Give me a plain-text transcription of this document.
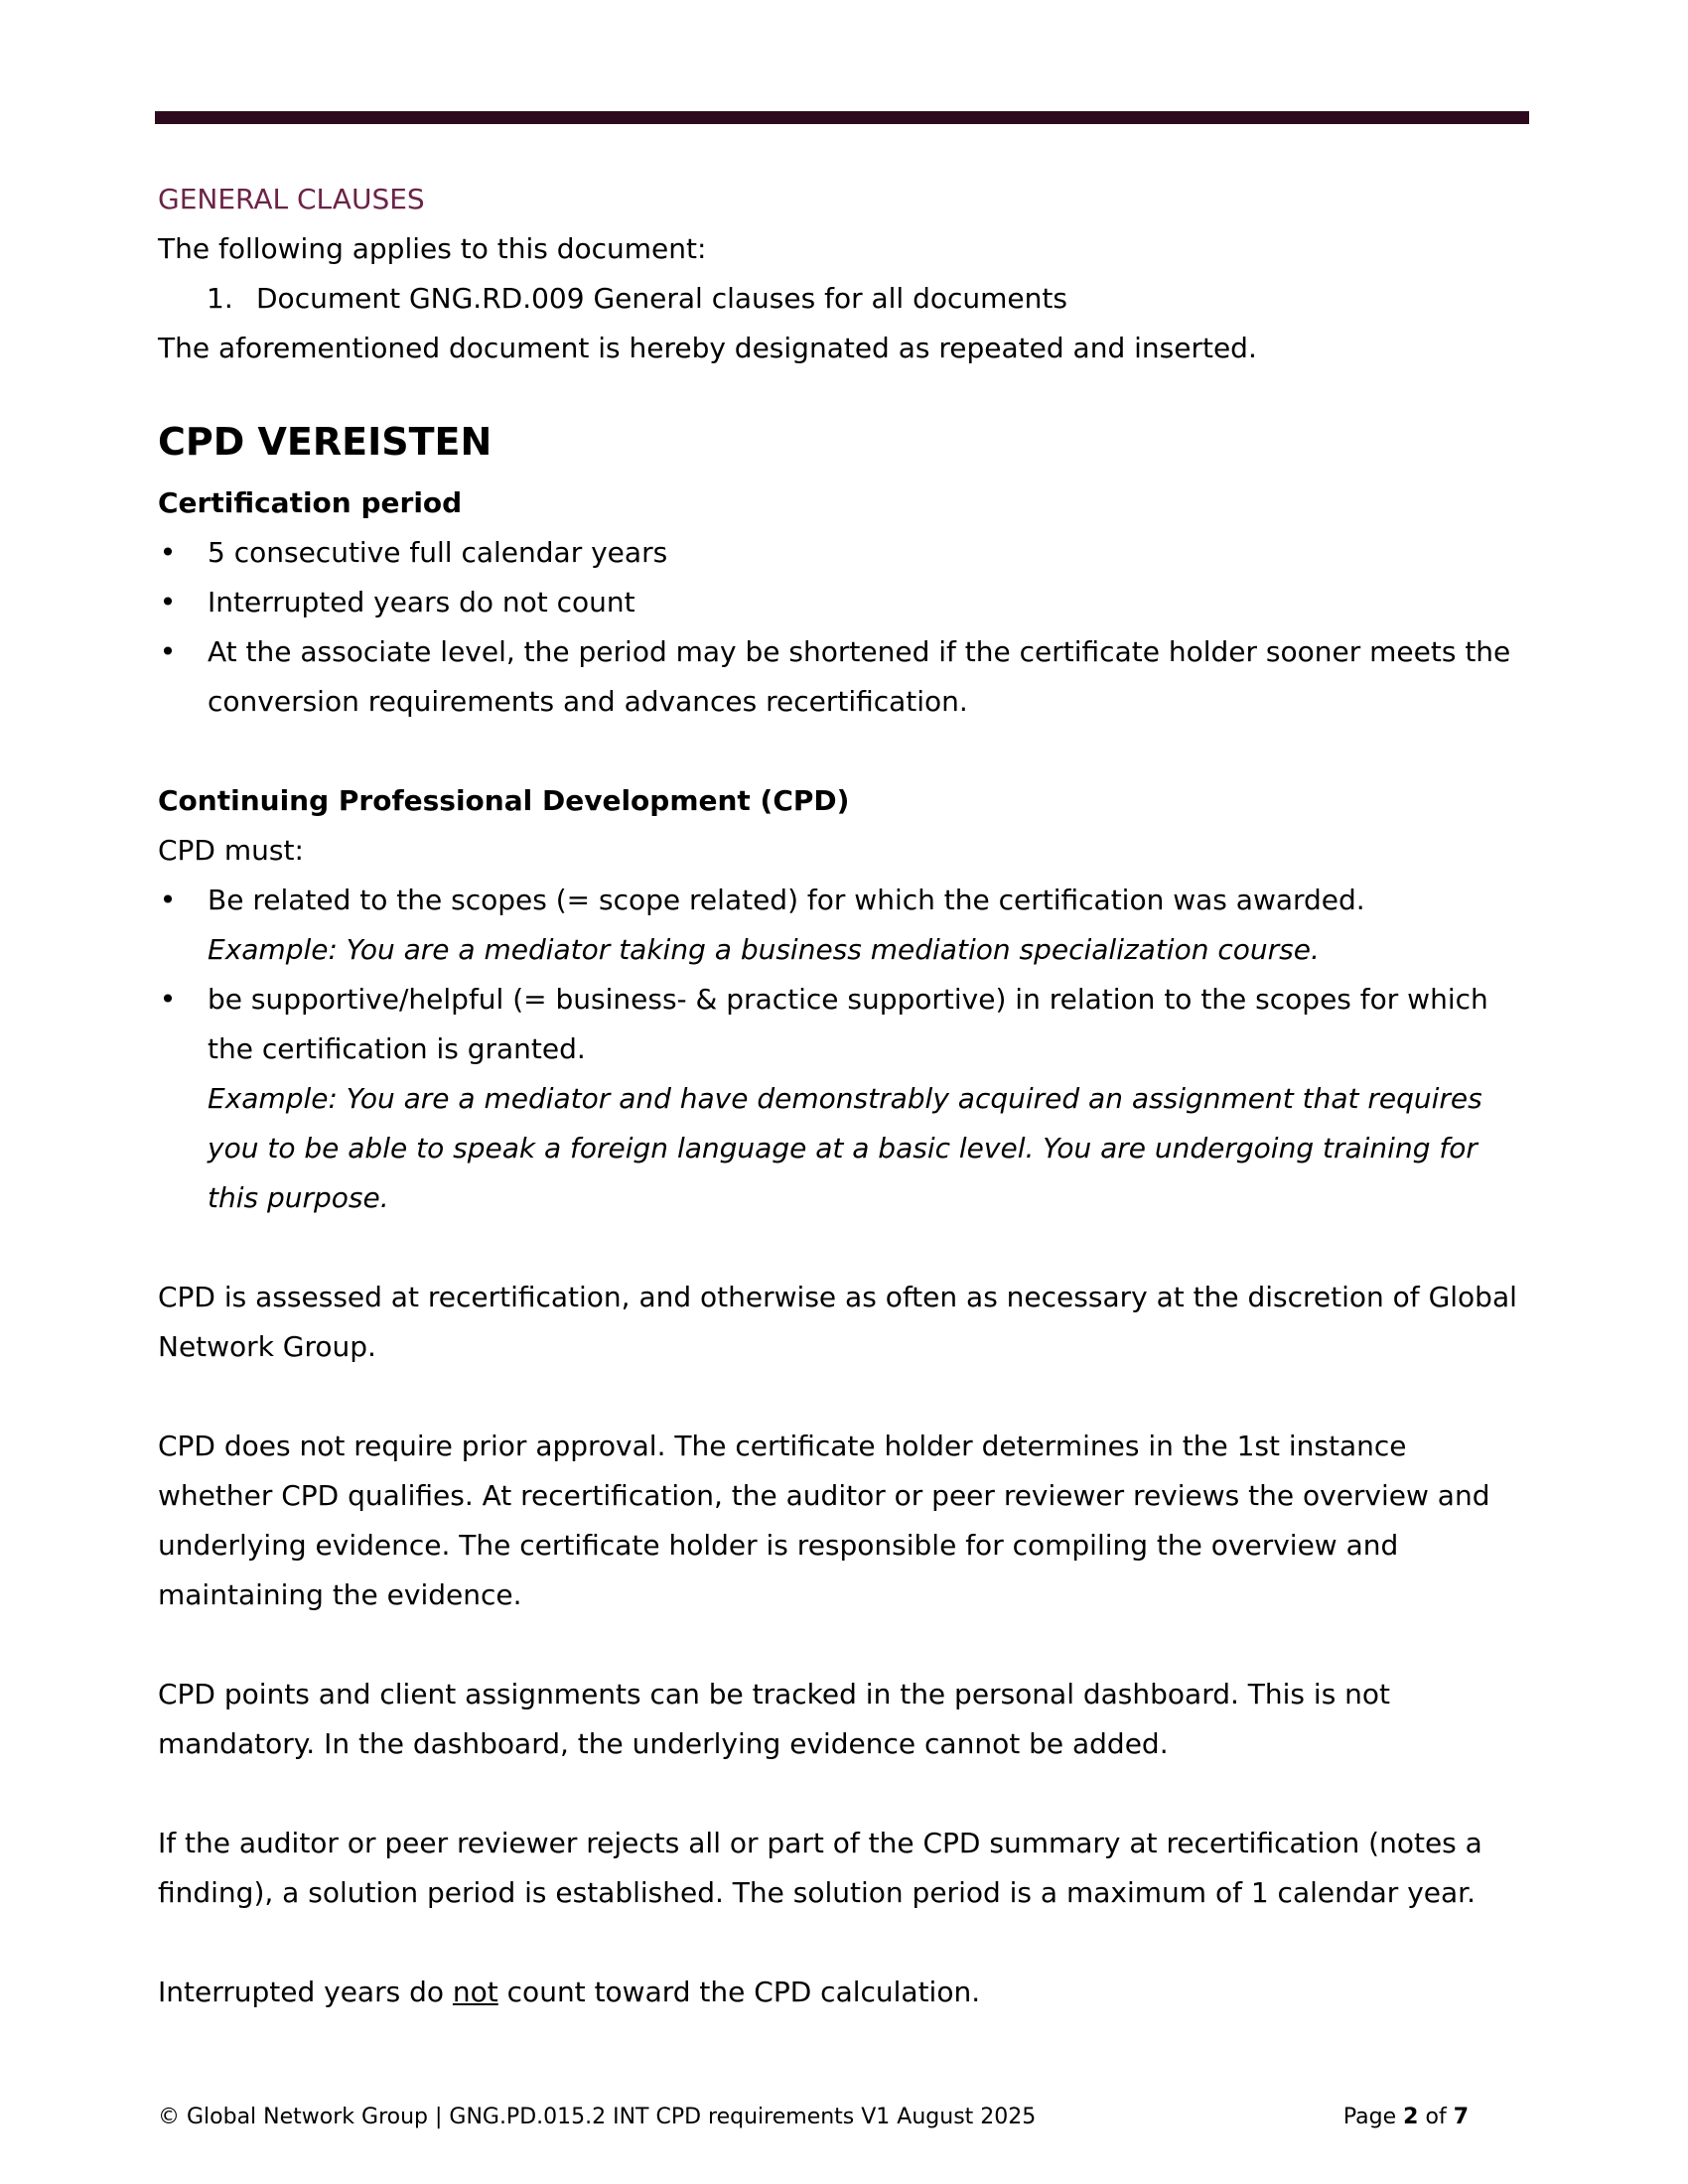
GENERAL CLAUSES

The following applies to this document:

1. Document GNG.RD.009 General clauses for all documents

The aforementioned document is hereby designated as repeated and inserted.

CPD VEREISTEN

Certification period

• 5 consecutive full calendar years
• Interrupted years do not count
• At the associate level, the period may be shortened if the certificate holder sooner meets the conversion requirements and advances recertification.

Continuing Professional Development (CPD)

CPD must:

• Be related to the scopes (= scope related) for which the certification was awarded.
Example: You are a mediator taking a business mediation specialization course.
• be supportive/helpful (= business- & practice supportive) in relation to the scopes for which the certification is granted.
Example: You are a mediator and have demonstrably acquired an assignment that requires you to be able to speak a foreign language at a basic level. You are undergoing training for this purpose.

CPD is assessed at recertification, and otherwise as often as necessary at the discretion of Global Network Group.

CPD does not require prior approval. The certificate holder determines in the 1st instance whether CPD qualifies. At recertification, the auditor or peer reviewer reviews the overview and underlying evidence. The certificate holder is responsible for compiling the overview and maintaining the evidence.

CPD points and client assignments can be tracked in the personal dashboard. This is not mandatory. In the dashboard, the underlying evidence cannot be added.

If the auditor or peer reviewer rejects all or part of the CPD summary at recertification (notes a finding), a solution period is established. The solution period is a maximum of 1 calendar year.

Interrupted years do not count toward the CPD calculation.

© Global Network Group | GNG.PD.015.2 INT CPD requirements V1 August 2025	Page 2 of 7
